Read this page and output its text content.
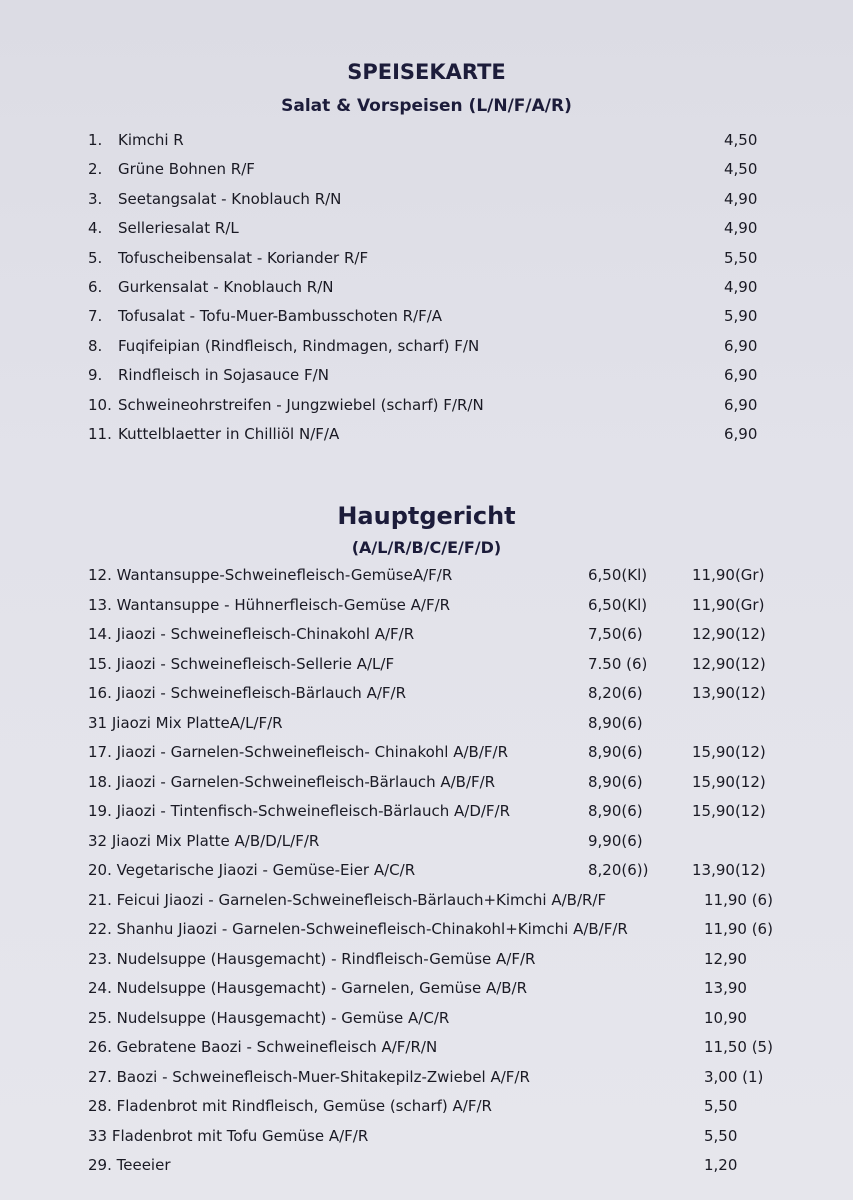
SPEISEKARTE
Salat & Vorspeisen (L/N/F/A/R)
1. Kimchi R	4,50
2. Grüne Bohnen R/F	4,50
3. Seetangsalat - Knoblauch R/N	4,90
4. Selleriesalat R/L	4,90
5. Tofuscheibensalat - Koriander R/F	5,50
6. Gurkensalat - Knoblauch R/N	4,90
7. Tofusalat - Tofu-Muer-Bambusschoten R/F/A	5,90
8. Fuqifeipian (Rindfleisch, Rindmagen, scharf) F/N	6,90
9. Rindfleisch in Sojasauce F/N	6,90
10. Schweineohrstreifen - Jungzwiebel (scharf) F/R/N	6,90
11. Kuttelblaetter in Chilliöl N/F/A	6,90
Hauptgericht
(A/L/R/B/C/E/F/D)
12. Wantansuppe-Schweinefleisch-GemüseA/F/R	6,50(Kl)	11,90(Gr)
13. Wantansuppe - Hühnerfleisch-Gemüse A/F/R	6,50(Kl)	11,90(Gr)
14. Jiaozi - Schweinefleisch-Chinakohl A/F/R	7,50(6)	12,90(12)
15. Jiaozi - Schweinefleisch-Sellerie A/L/F	7.50 (6)	12,90(12)
16. Jiaozi - Schweinefleisch-Bärlauch A/F/R	8,20(6)	13,90(12)
31 Jiaozi Mix PlatteA/L/F/R	8,90(6)
17. Jiaozi - Garnelen-Schweinefleisch- Chinakohl A/B/F/R	8,90(6)	15,90(12)
18. Jiaozi - Garnelen-Schweinefleisch-Bärlauch A/B/F/R	8,90(6)	15,90(12)
19. Jiaozi - Tintenfisch-Schweinefleisch-Bärlauch A/D/F/R	8,90(6)	15,90(12)
32 Jiaozi Mix Platte A/B/D/L/F/R	9,90(6)
20. Vegetarische Jiaozi - Gemüse-Eier A/C/R	8,20(6))	13,90(12)
21. Feicui Jiaozi - Garnelen-Schweinefleisch-Bärlauch+Kimchi A/B/R/F	11,90 (6)
22. Shanhu Jiaozi - Garnelen-Schweinefleisch-Chinakohl+Kimchi A/B/F/R	11,90 (6)
23. Nudelsuppe (Hausgemacht) - Rindfleisch-Gemüse A/F/R	12,90
24. Nudelsuppe (Hausgemacht) - Garnelen, Gemüse A/B/R	13,90
25. Nudelsuppe (Hausgemacht) - Gemüse A/C/R	10,90
26. Gebratene Baozi - Schweinefleisch A/F/R/N	11,50 (5)
27. Baozi - Schweinefleisch-Muer-Shitakepilz-Zwiebel A/F/R	3,00 (1)
28. Fladenbrot mit Rindfleisch, Gemüse (scharf) A/F/R	5,50
33 Fladenbrot mit Tofu Gemüse A/F/R	5,50
29. Teeeier	1,20
